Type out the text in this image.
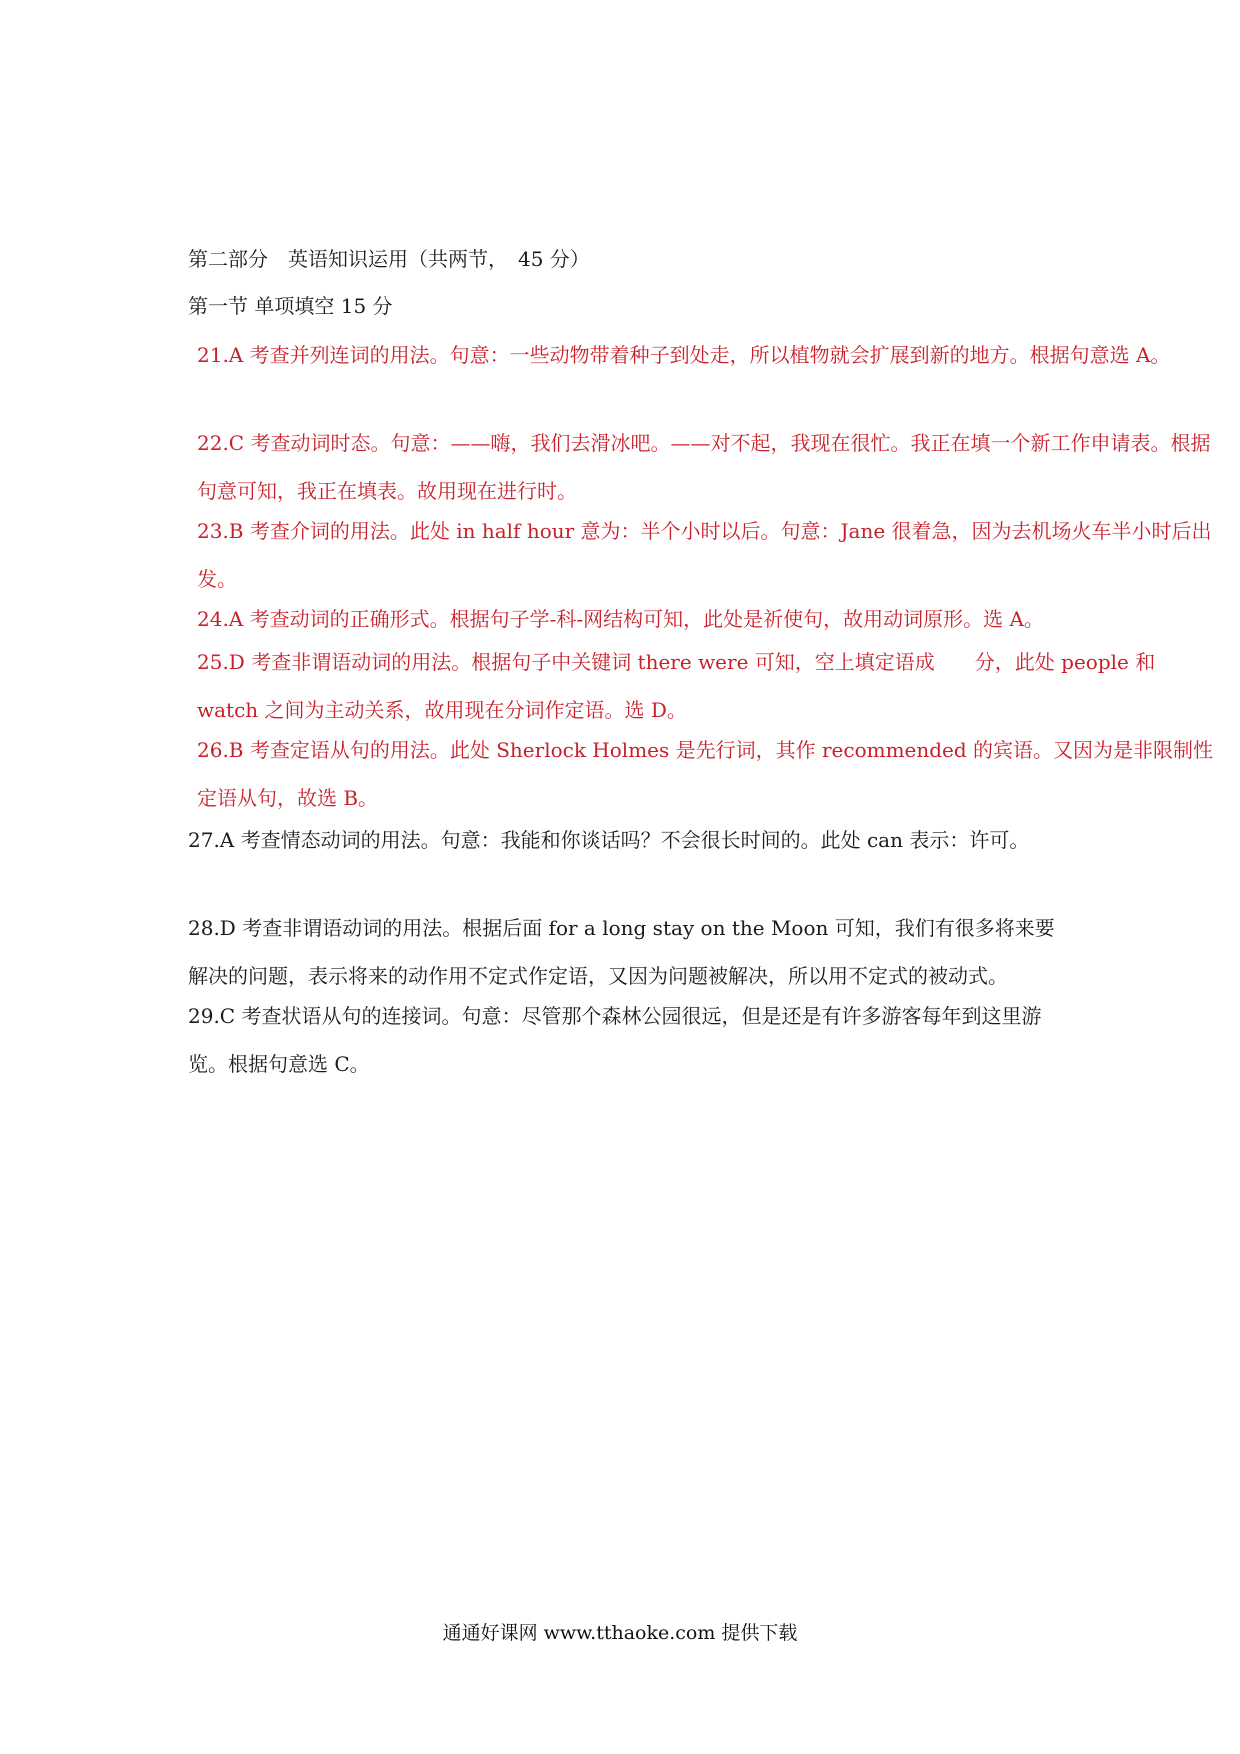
第二部分　英语知识运用（共两节，　45 分）
第一节 单项填空 15 分

21.A 考查并列连词的用法。句意：一些动物带着种子到处走，所以植物就会扩展到新的地方。根据句意选 A。

22.C 考查动词时态。句意：——嗨，我们去滑冰吧。——对不起，我现在很忙。我正在填一个新工作申请表。根据句意可知，我正在填表。故用现在进行时。

23.B 考查介词的用法。此处 in half hour 意为：半个小时以后。句意：Jane 很着急，因为去机场火车半小时后出发。

24.A 考查动词的正确形式。根据句子学-科-网结构可知，此处是祈使句，故用动词原形。选 A。

25.D 考查非谓语动词的用法。根据句子中关键词 there were 可知，空上填定语成 分，此处 people 和 watch 之间为主动关系，故用现在分词作定语。选 D。

26.B 考查定语从句的用法。此处 Sherlock Holmes 是先行词，其作 recommended 的宾语。又因为是非限制性定语从句，故选 B。

27.A 考查情态动词的用法。句意：我能和你谈话吗？不会很长时间的。此处 can 表示：许可。

28.D 考查非谓语动词的用法。根据后面 for a long stay on the Moon 可知，我们有很多将来要解决的问题，表示将来的动作用不定式作定语，又因为问题被解决，所以用不定式的被动式。

29.C 考查状语从句的连接词。句意：尽管那个森林公园很远，但是还是有许多游客每年到这里游览。根据句意选 C。

通通好课网 www.tthaoke.com 提供下载
